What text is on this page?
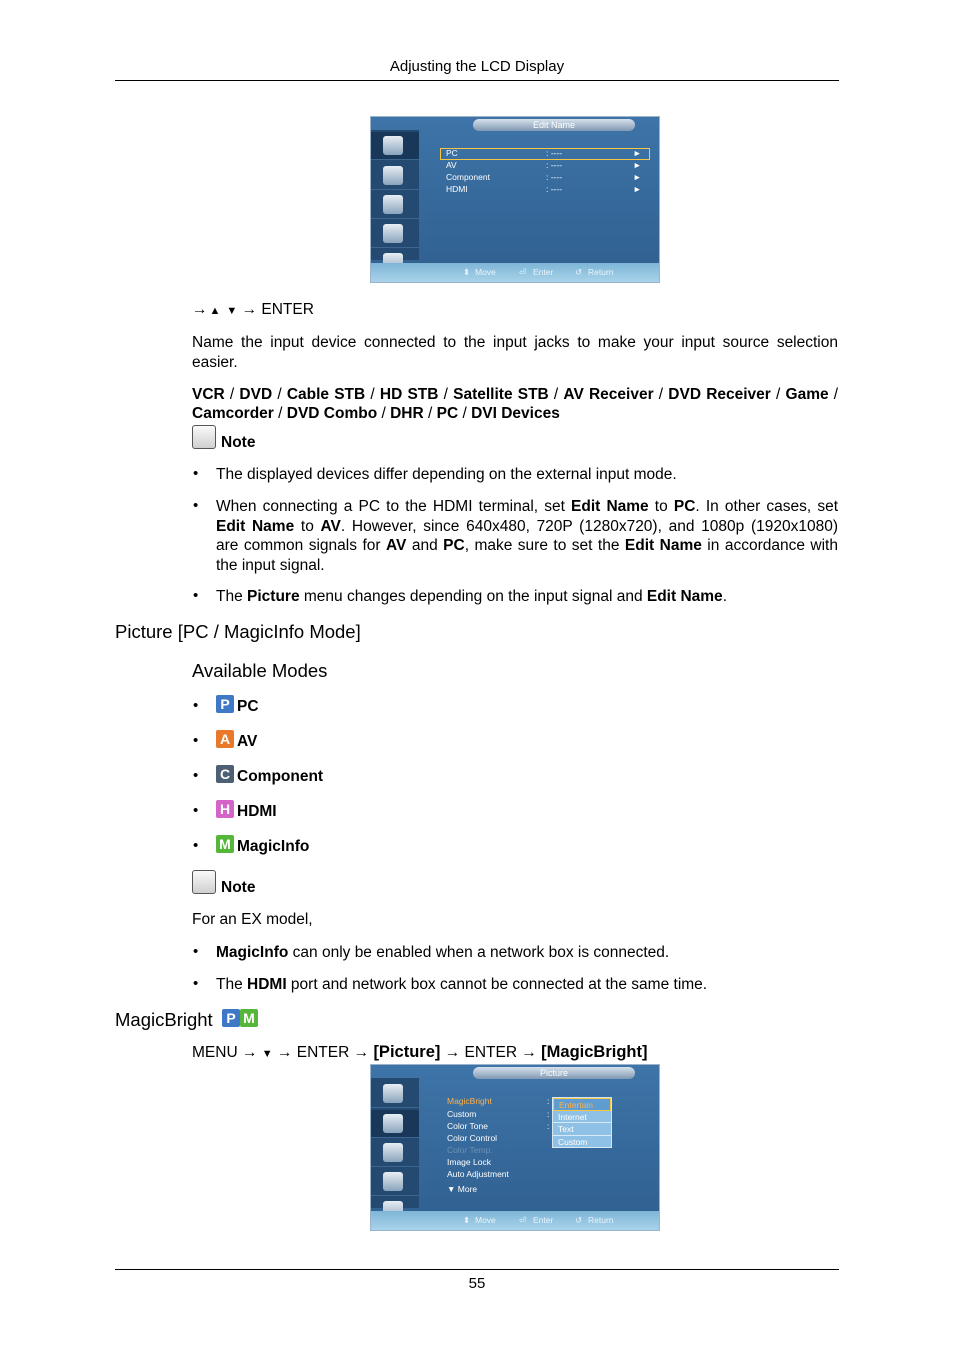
Adjusting the LCD Display
Edit Name
PC	: ----	►
AV	: ----	►
Component	: ----	►
HDMI	: ----	►
⬍ Move	⏎ Enter	↺ Return
→ ▲ ▼ → ENTER
Name the input device connected to the input jacks to make your input source selection easier.
VCR / DVD / Cable STB / HD STB / Satellite STB / AV Receiver / DVD Receiver / Game /
Camcorder / DVD Combo / DHR / PC / DVI Devices
Note
• The displayed devices differ depending on the external input mode.
• When connecting a PC to the HDMI terminal, set Edit Name to PC. In other cases, set
Edit Name to AV. However, since 640x480, 720P (1280x720), and 1080p (1920x1080)
are common signals for AV and PC, make sure to set the Edit Name in accordance with
the input signal.
• The Picture menu changes depending on the input signal and Edit Name.
Picture [PC / MagicInfo Mode]
Available Modes
•	P PC
• A AV
• C Component
• H HDMI
• M MagicInfo
Note
For an EX model,
• MagicInfo can only be enabled when a network box is connected.
• The HDMI port and network box cannot be connected at the same time.
MagicBright P M
MENU → ▼ → ENTER → [Picture] → ENTER → [MagicBright]
Picture
MagicBright
Custom
Color Tone
Color Control
Color Temp.
Image Lock
Auto Adjustment
▼ More
:
:
:
Entertain
Internet
Text
Custom
⬍ Move	⏎ Enter	↺ Return
55
